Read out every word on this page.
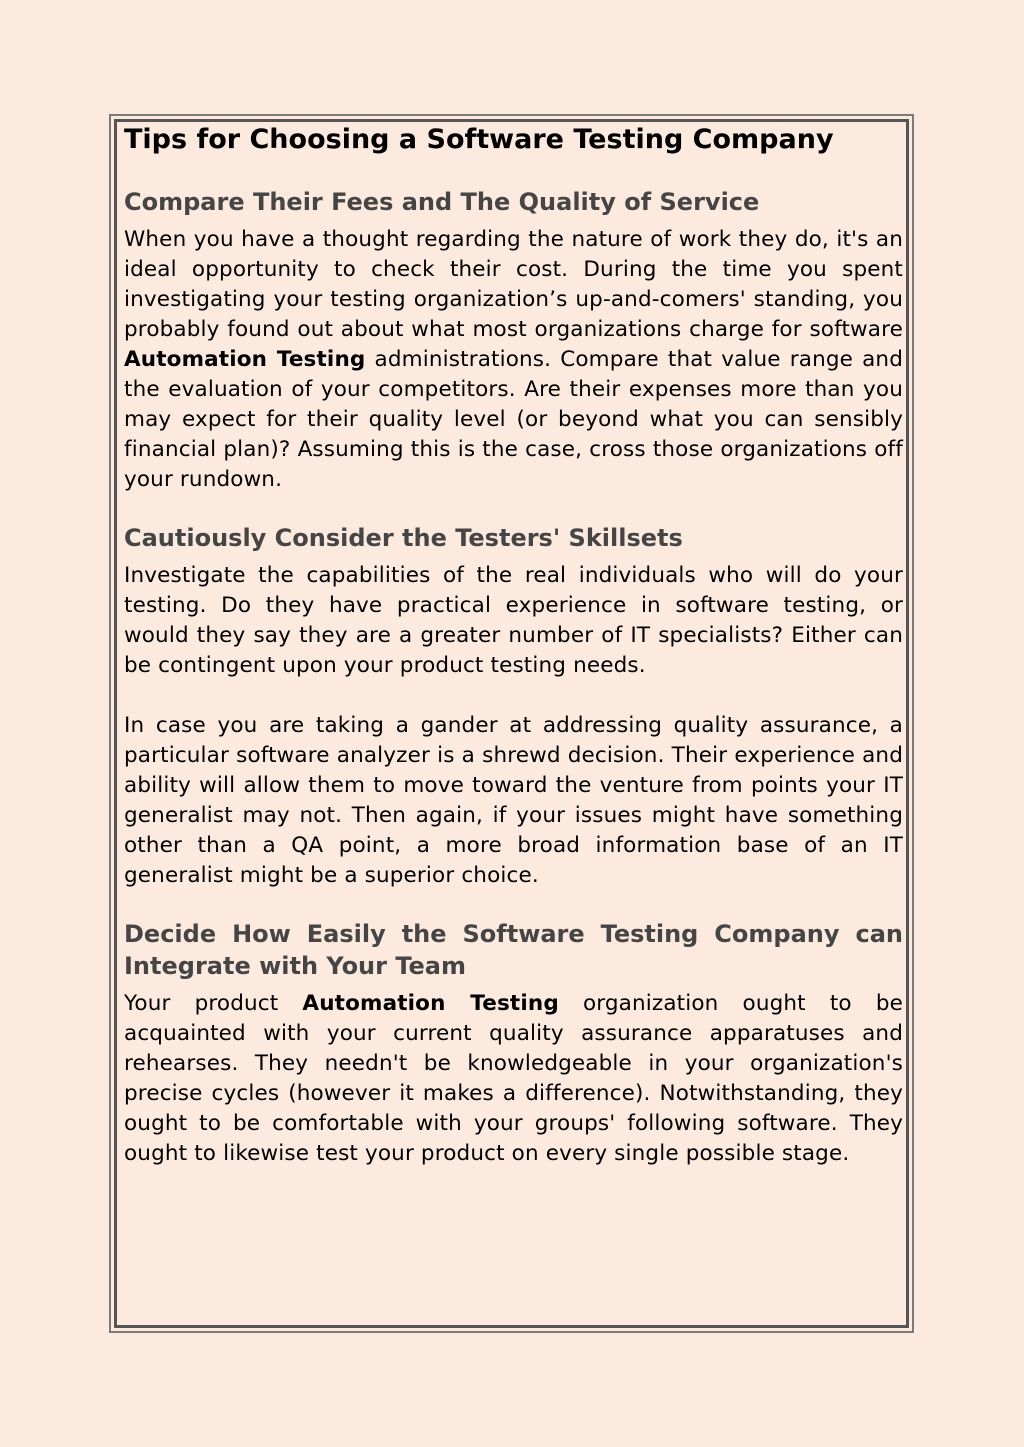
Tips for Choosing a Software Testing Company
Compare Their Fees and The Quality of Service

When you have a thought regarding the nature of work they do, it's an ideal opportunity to check their cost. During the time you spent investigating your testing organization’s up-and-comers' standing, you probably found out about what most organizations charge for software Automation Testing administrations. Compare that value range and the evaluation of your competitors. Are their expenses more than you may expect for their quality level (or beyond what you can sensibly financial plan)? Assuming this is the case, cross those organizations off your rundown.

Cautiously Consider the Testers' Skillsets

Investigate the capabilities of the real individuals who will do your testing. Do they have practical experience in software testing, or would they say they are a greater number of IT specialists? Either can be contingent upon your product testing needs.

In case you are taking a gander at addressing quality assurance, a particular software analyzer is a shrewd decision. Their experience and ability will allow them to move toward the venture from points your IT generalist may not. Then again, if your issues might have something other than a QA point, a more broad information base of an IT generalist might be a superior choice.

Decide How Easily the Software Testing Company can Integrate with Your Team

Your product Automation Testing organization ought to be acquainted with your current quality assurance apparatuses and rehearses. They needn't be knowledgeable in your organization's precise cycles (however it makes a difference). Notwithstanding, they ought to be comfortable with your groups' following software. They ought to likewise test your product on every single possible stage.
